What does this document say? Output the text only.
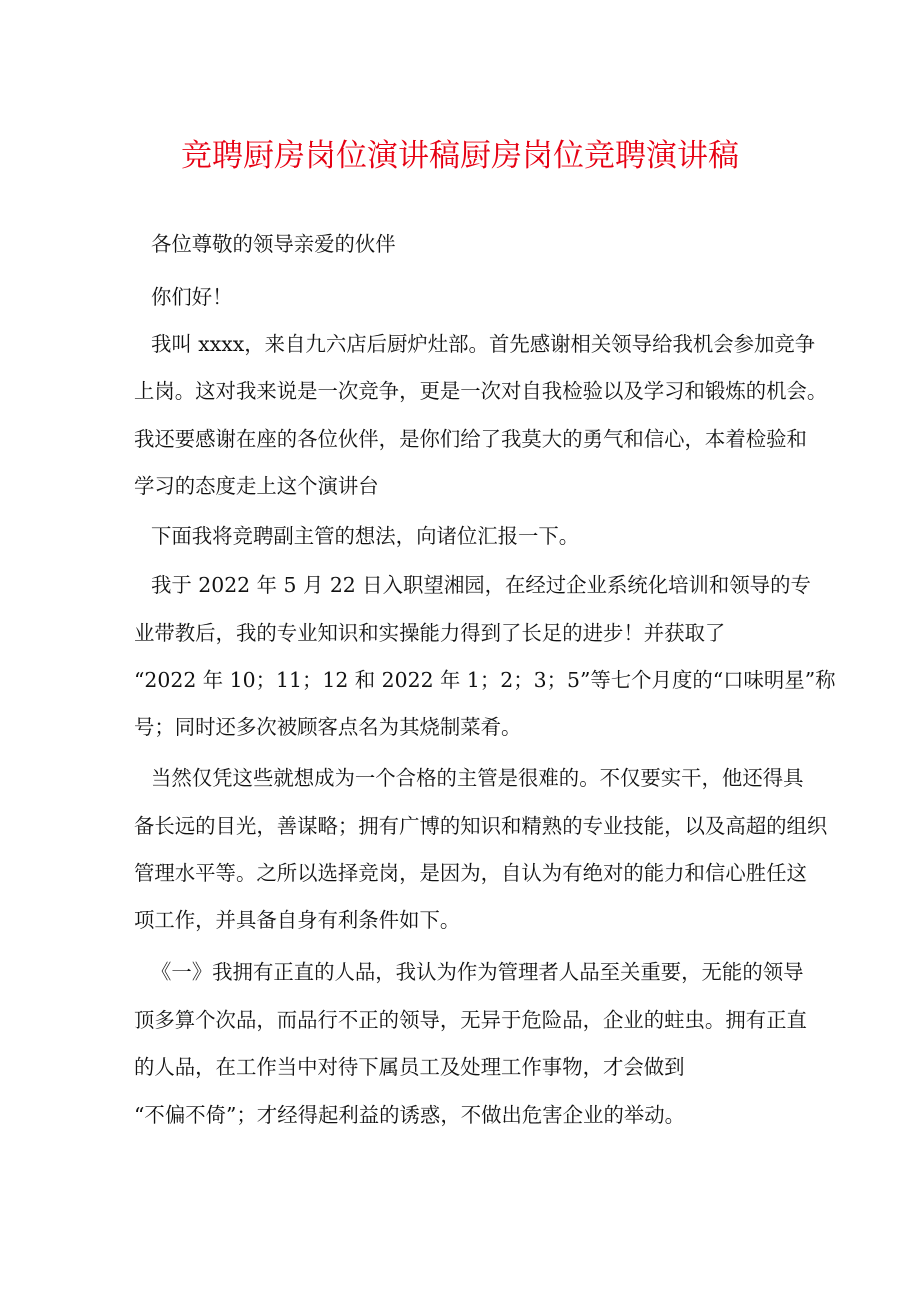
竞聘厨房岗位演讲稿厨房岗位竞聘演讲稿
各位尊敬的领导亲爱的伙伴
你们好！
我叫 xxxx，来自九六店后厨炉灶部。首先感谢相关领导给我机会参加竞争
上岗。这对我来说是一次竞争，更是一次对自我检验以及学习和锻炼的机会。
我还要感谢在座的各位伙伴，是你们给了我莫大的勇气和信心，本着检验和
学习的态度走上这个演讲台
下面我将竞聘副主管的想法，向诸位汇报一下。
我于 2022 年 5 月 22 日入职望湘园，在经过企业系统化培训和领导的专
业带教后，我的专业知识和实操能力得到了长足的进步！并获取了
“2022 年 10；11；12 和 2022 年 1；2；3；5”等七个月度的“口味明星”称
号；同时还多次被顾客点名为其烧制菜肴。
当然仅凭这些就想成为一个合格的主管是很难的。不仅要实干，他还得具
备长远的目光，善谋略；拥有广博的知识和精熟的专业技能，以及高超的组织
管理水平等。之所以选择竞岗，是因为，自认为有绝对的能力和信心胜任这
项工作，并具备自身有利条件如下。
《一》我拥有正直的人品，我认为作为管理者人品至关重要，无能的领导
顶多算个次品，而品行不正的领导，无异于危险品，企业的蛀虫。拥有正直
的人品，在工作当中对待下属员工及处理工作事物，才会做到
“不偏不倚”；才经得起利益的诱惑，不做出危害企业的举动。
